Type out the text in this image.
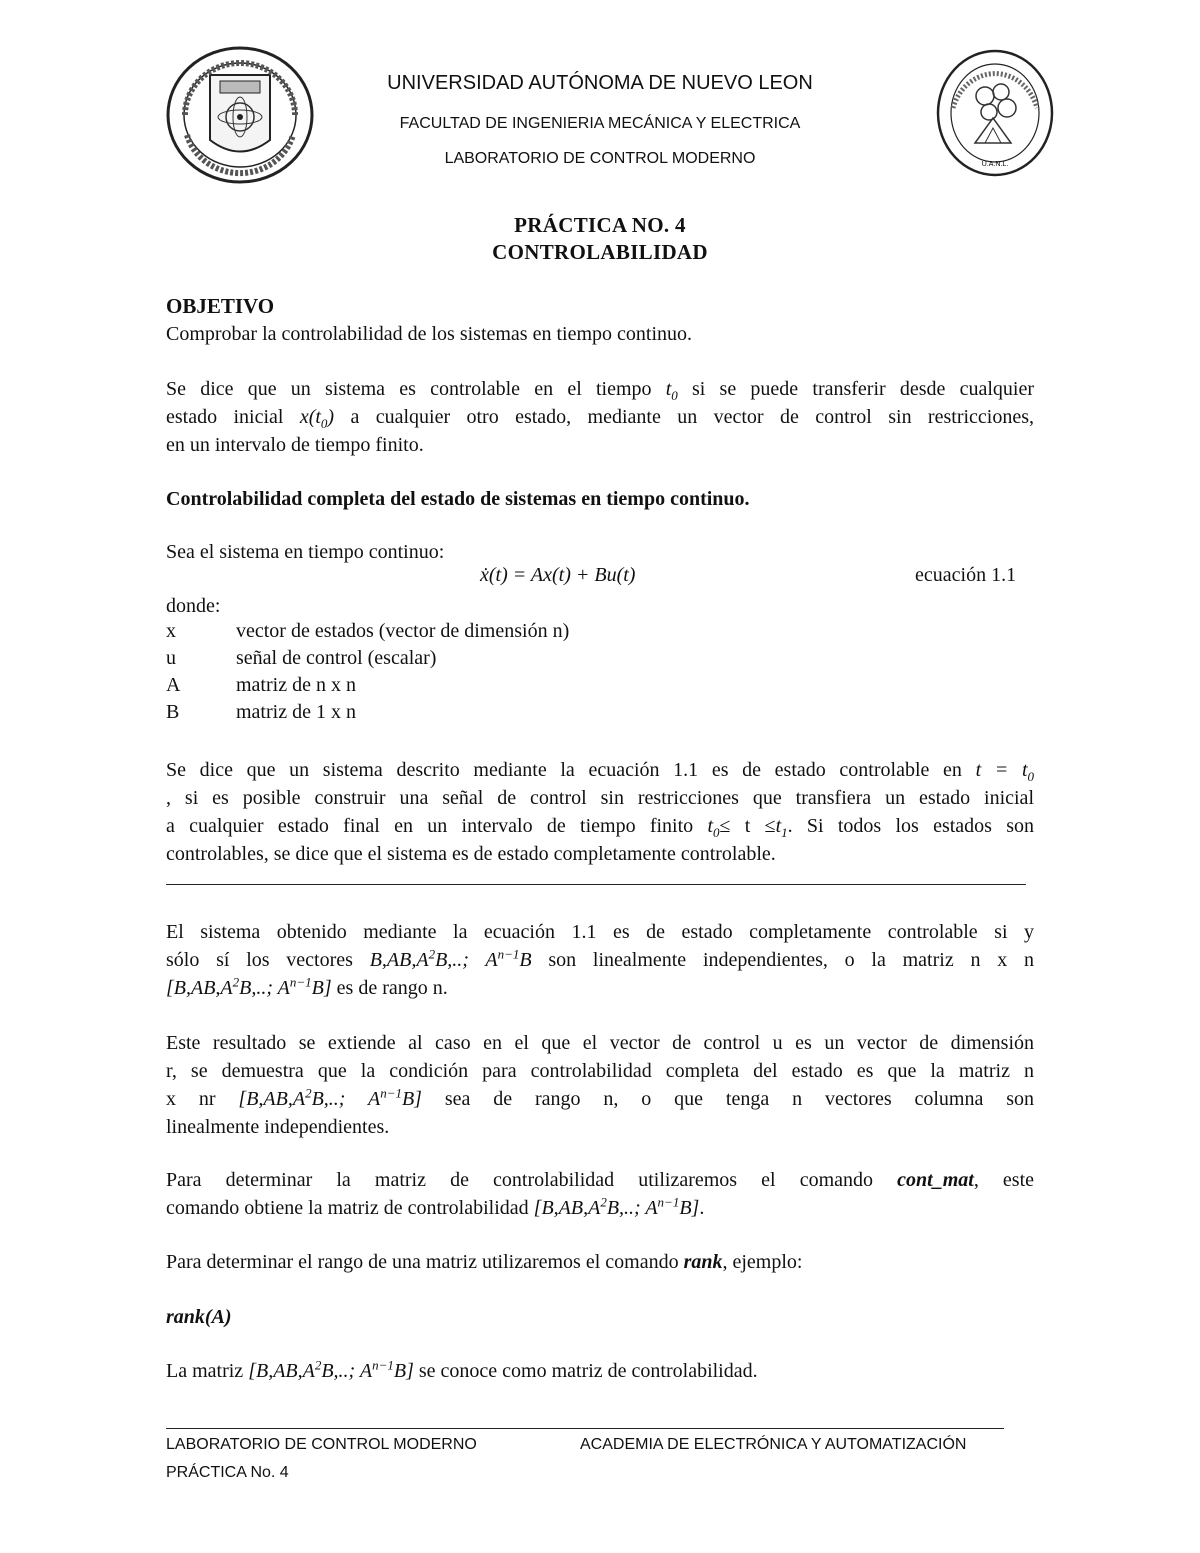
U.A.N.L.
UNIVERSIDAD AUTÓNOMA DE NUEVO LEON
FACULTAD DE INGENIERIA MECÁNICA Y ELECTRICA
LABORATORIO DE CONTROL MODERNO
PRÁCTICA NO. 4
CONTROLABILIDAD
OBJETIVO
Comprobar la controlabilidad de los sistemas en tiempo continuo.
Se dice que un sistema es controlable en el tiempo $t_0$ si se puede transferir desde cualquier
estado inicial $x(t_0)$ a cualquier otro estado, mediante un vector de control sin restricciones,
en un intervalo de tiempo finito.
Controlabilidad completa del estado de sistemas en tiempo continuo.
Sea el sistema en tiempo continuo:
ẋ(t) = Ax(t) + Bu(t)	ecuación 1.1
donde:
x	vector de estados (vector de dimensión n)
u	señal de control (escalar)
A	matriz de n x n
B	matriz de 1 x n
Se dice que un sistema descrito mediante la ecuación 1.1 es de estado controlable en $t = t_0$
, si es posible construir una señal de control sin restricciones que transfiera un estado inicial
a cualquier estado final en un intervalo de tiempo finito $t_0\le t \le t_1$. Si todos los estados son
controlables, se dice que el sistema es de estado completamente controlable.
El sistema obtenido mediante la ecuación 1.1 es de estado completamente controlable si y
sólo sí los vectores $B,AB,A^2B$,..; $A^{n-1}B$ son linealmente independientes, o la matriz n x n
[$B,AB,A^2B$,..; $A^{n-1}B$] es de rango n.
Este resultado se extiende al caso en el que el vector de control u es un vector de dimensión
r, se demuestra que la condición para controlabilidad completa del estado es que la matriz n
x nr [$B,AB,A^2B$,..; $A^{n-1}B$] sea de rango n, o que tenga n vectores columna son
linealmente independientes.
Para determinar la matriz de controlabilidad utilizaremos el comando cont_mat, este
comando obtiene la matriz de controlabilidad [$B,AB,A^2B$,..; $A^{n-1}B$].
Para determinar el rango de una matriz utilizaremos el comando rank, ejemplo:
rank(A)
La matriz [$B,AB,A^2B$,..; $A^{n-1}B$] se conoce como matriz de controlabilidad.
LABORATORIO DE CONTROL MODERNO	ACADEMIA DE ELECTRÓNICA Y AUTOMATIZACIÓN
PRÁCTICA No. 4
